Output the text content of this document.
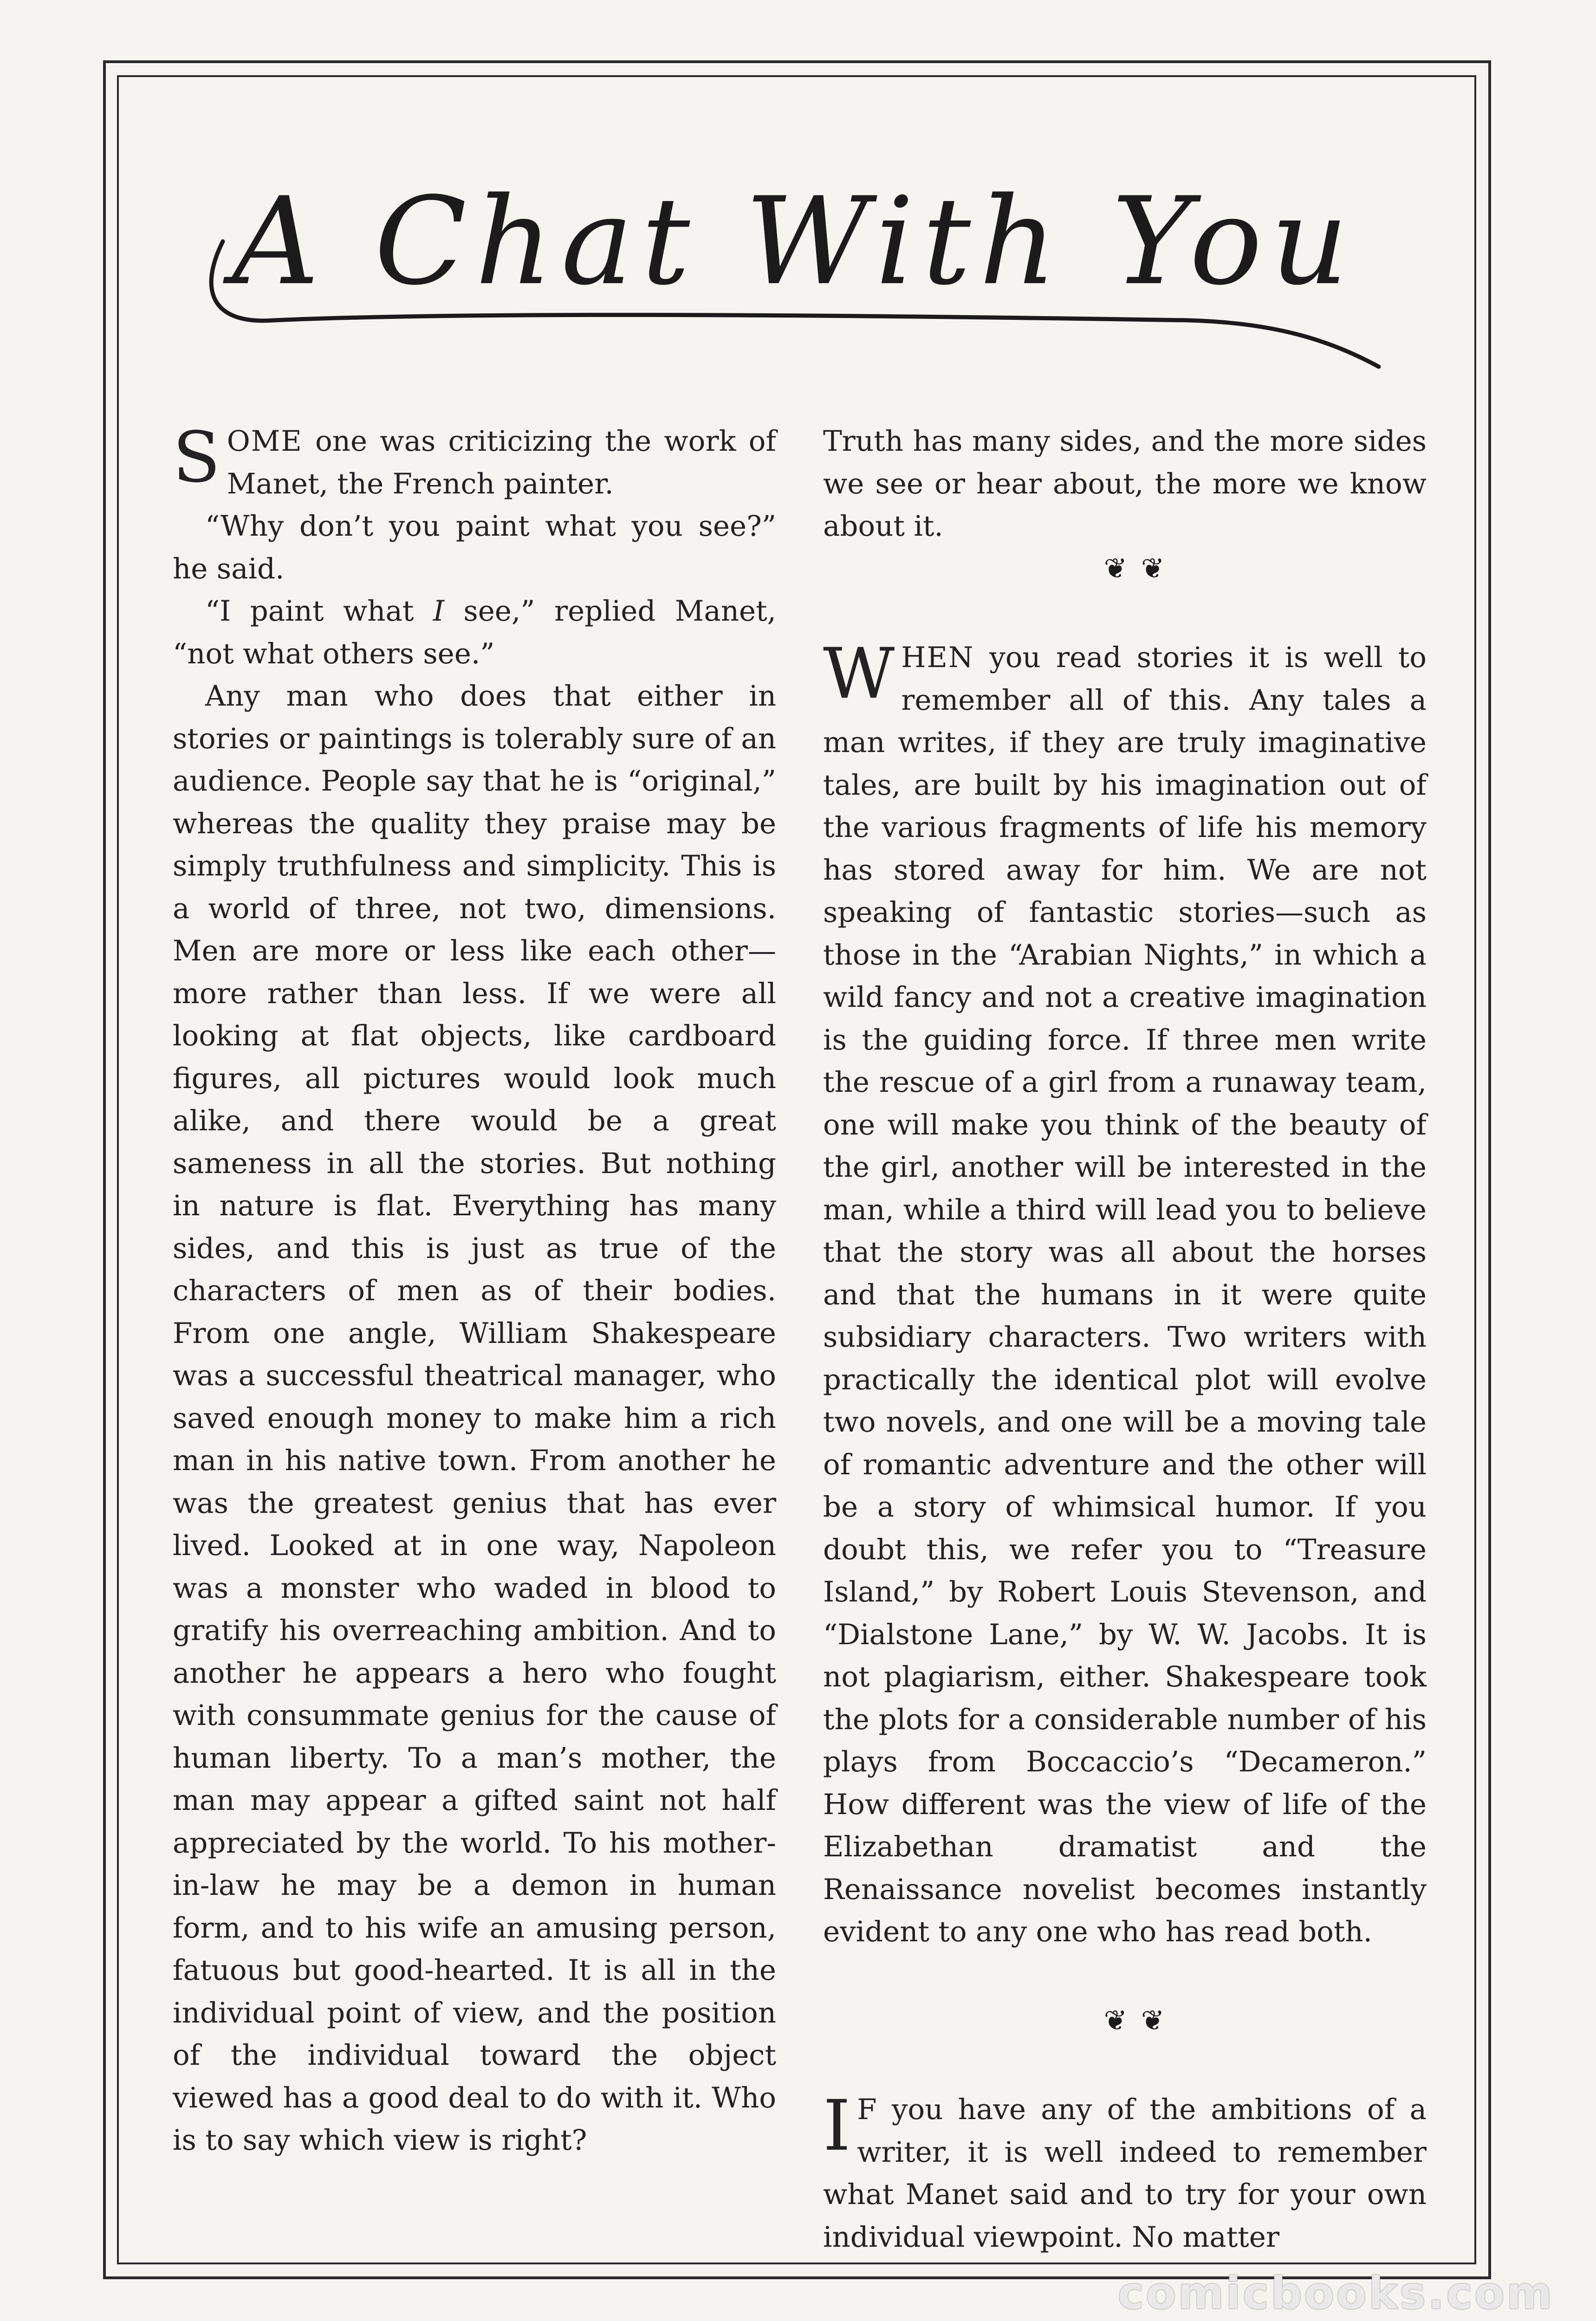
A Chat With You

SOME one was criticizing the work of Manet, the French painter.

“Why don’t you paint what you see?” he said.

“I paint what I see,” replied Manet, “not what others see.”

Any man who does that either in stories or paintings is tolerably sure of an audience. People say that he is “original,” whereas the quality they praise may be simply truthfulness and simplicity. This is a world of three, not two, dimensions. Men are more or less like each other—more rather than less. If we were all looking at flat objects, like cardboard figures, all pictures would look much alike, and there would be a great sameness in all the stories. But nothing in nature is flat. Everything has many sides, and this is just as true of the characters of men as of their bodies. From one angle, William Shakespeare was a successful theatrical manager, who saved enough money to make him a rich man in his native town. From another he was the greatest genius that has ever lived. Looked at in one way, Napoleon was a monster who waded in blood to gratify his overreaching ambition. And to another he appears a hero who fought with consummate genius for the cause of human liberty. To a man’s mother, the man may appear a gifted saint not half appreciated by the world. To his mother-in-law he may be a demon in human form, and to his wife an amusing person, fatuous but good-hearted. It is all in the individual point of view, and the position of the individual toward the object viewed has a good deal to do with it. Who is to say which view is right?

Truth has many sides, and the more sides we see or hear about, the more we know about it.

❦❦

WHEN you read stories it is well to remember all of this. Any tales a man writes, if they are truly imaginative tales, are built by his imagination out of the various fragments of life his memory has stored away for him. We are not speaking of fantastic stories—such as those in the “Arabian Nights,” in which a wild fancy and not a creative imagination is the guiding force. If three men write the rescue of a girl from a runaway team, one will make you think of the beauty of the girl, another will be interested in the man, while a third will lead you to believe that the story was all about the horses and that the humans in it were quite subsidiary characters. Two writers with practically the identical plot will evolve two novels, and one will be a moving tale of romantic adventure and the other will be a story of whimsical humor. If you doubt this, we refer you to “Treasure Island,” by Robert Louis Stevenson, and “Dialstone Lane,” by W. W. Jacobs. It is not plagiarism, either. Shakespeare took the plots for a considerable number of his plays from Boccaccio’s “Decameron.” How different was the view of life of the Elizabethan dramatist and the Renaissance novelist becomes instantly evident to any one who has read both.

❦❦

I F you have any of the ambitions of a writer, it is well indeed to remember what Manet said and to try for your own individual viewpoint. No matter

comicbooks.com
